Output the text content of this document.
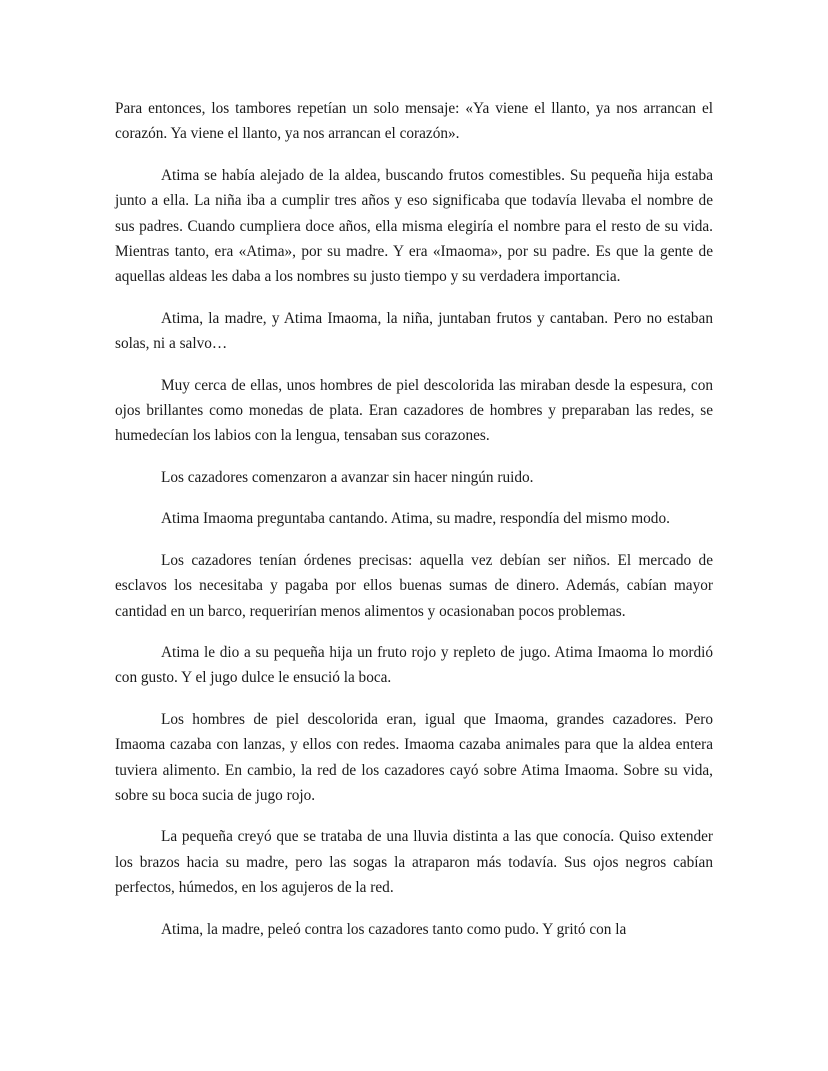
Para entonces, los tambores repetían un solo mensaje: «Ya viene el llanto, ya nos arrancan el corazón. Ya viene el llanto, ya nos arrancan el corazón».

Atima se había alejado de la aldea, buscando frutos comestibles. Su pequeña hija estaba junto a ella. La niña iba a cumplir tres años y eso significaba que todavía llevaba el nombre de sus padres. Cuando cumpliera doce años, ella misma elegiría el nombre para el resto de su vida. Mientras tanto, era «Atima», por su madre. Y era «Imaoma», por su padre. Es que la gente de aquellas aldeas les daba a los nombres su justo tiempo y su verdadera importancia.

Atima, la madre, y Atima Imaoma, la niña, juntaban frutos y cantaban. Pero no estaban solas, ni a salvo…

Muy cerca de ellas, unos hombres de piel descolorida las miraban desde la espesura, con ojos brillantes como monedas de plata. Eran cazadores de hombres y preparaban las redes, se humedecían los labios con la lengua, tensaban sus corazones.

Los cazadores comenzaron a avanzar sin hacer ningún ruido.

Atima Imaoma preguntaba cantando. Atima, su madre, respondía del mismo modo.

Los cazadores tenían órdenes precisas: aquella vez debían ser niños. El mercado de esclavos los necesitaba y pagaba por ellos buenas sumas de dinero. Además, cabían mayor cantidad en un barco, requerirían menos alimentos y ocasionaban pocos problemas.

Atima le dio a su pequeña hija un fruto rojo y repleto de jugo. Atima Imaoma lo mordió con gusto. Y el jugo dulce le ensució la boca.

Los hombres de piel descolorida eran, igual que Imaoma, grandes cazadores. Pero Imaoma cazaba con lanzas, y ellos con redes. Imaoma cazaba animales para que la aldea entera tuviera alimento. En cambio, la red de los cazadores cayó sobre Atima Imaoma. Sobre su vida, sobre su boca sucia de jugo rojo.

La pequeña creyó que se trataba de una lluvia distinta a las que conocía. Quiso extender los brazos hacia su madre, pero las sogas la atraparon más todavía. Sus ojos negros cabían perfectos, húmedos, en los agujeros de la red.

Atima, la madre, peleó contra los cazadores tanto como pudo. Y gritó con la
